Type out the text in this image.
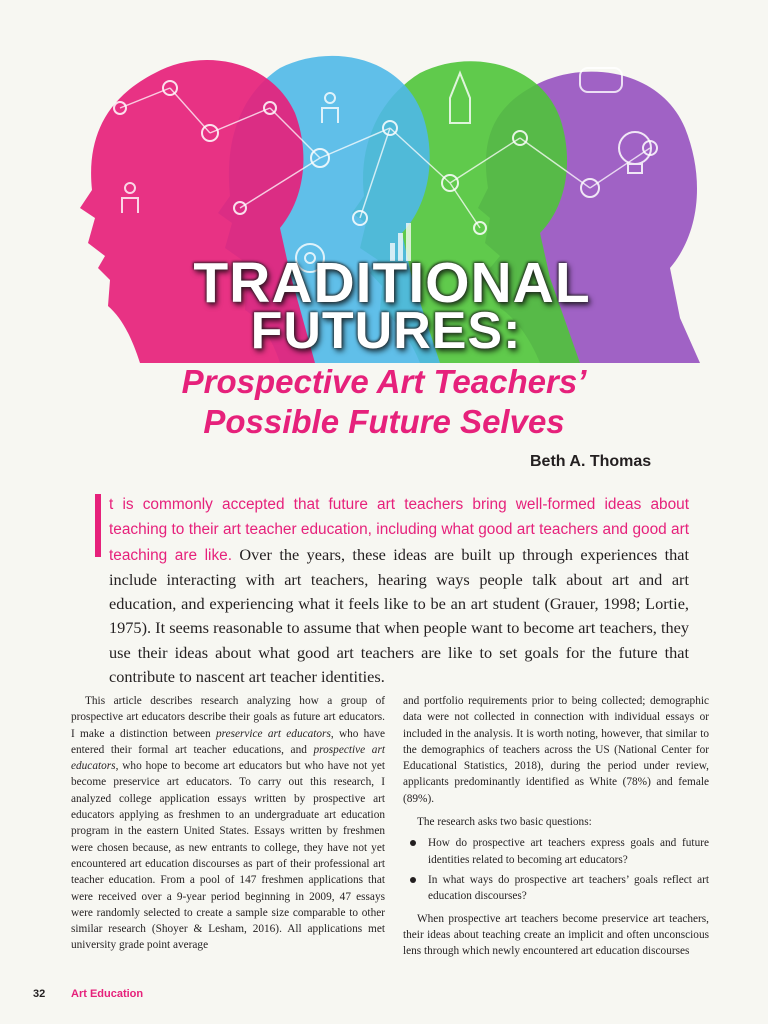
TRADITIONAL
FUTURES:
Prospective Art Teachers’
Possible Future Selves
Beth A. Thomas
t is commonly accepted that future art teachers bring well-formed ideas about teaching to their art teacher education, including what good art teachers and good art teaching are like. Over the years, these ideas are built up through experiences that include interacting with art teachers, hearing ways people talk about art and art education, and experiencing what it feels like to be an art student (Grauer, 1998; Lortie, 1975). It seems reasonable to assume that when people want to become art teachers, they use their ideas about what good art teachers are like to set goals for the future that contribute to nascent art teacher identities.

This article describes research analyzing how a group of prospective art educators describe their goals as future art educators. I make a distinction between preservice art educators, who have entered their formal art teacher educations, and prospective art educators, who hope to become art educators but who have not yet become preservice art educators. To carry out this research, I analyzed college application essays written by prospective art educators applying as freshmen to an undergraduate art education program in the eastern United States. Essays written by freshmen were chosen because, as new entrants to college, they have not yet encountered art education discourses as part of their professional art teacher education. From a pool of 147 freshmen applications that were received over a 9-year period beginning in 2009, 47 essays were randomly selected to create a sample size comparable to other similar research (Shoyer & Lesham, 2016). All applications met university grade point average

and portfolio requirements prior to being collected; demographic data were not collected in connection with individual essays or included in the analysis. It is worth noting, however, that similar to the demographics of teachers across the US (National Center for Educational Statistics, 2018), during the period under review, applicants predominantly identified as White (78%) and female (89%).

The research asks two basic questions:

How do prospective art teachers express goals and future identities related to becoming art educators?
In what ways do prospective art teachers’ goals reflect art education discourses?

When prospective art teachers become preservice art teachers, their ideas about teaching create an implicit and often unconscious lens through which newly encountered art education discourses

32 Art Education
